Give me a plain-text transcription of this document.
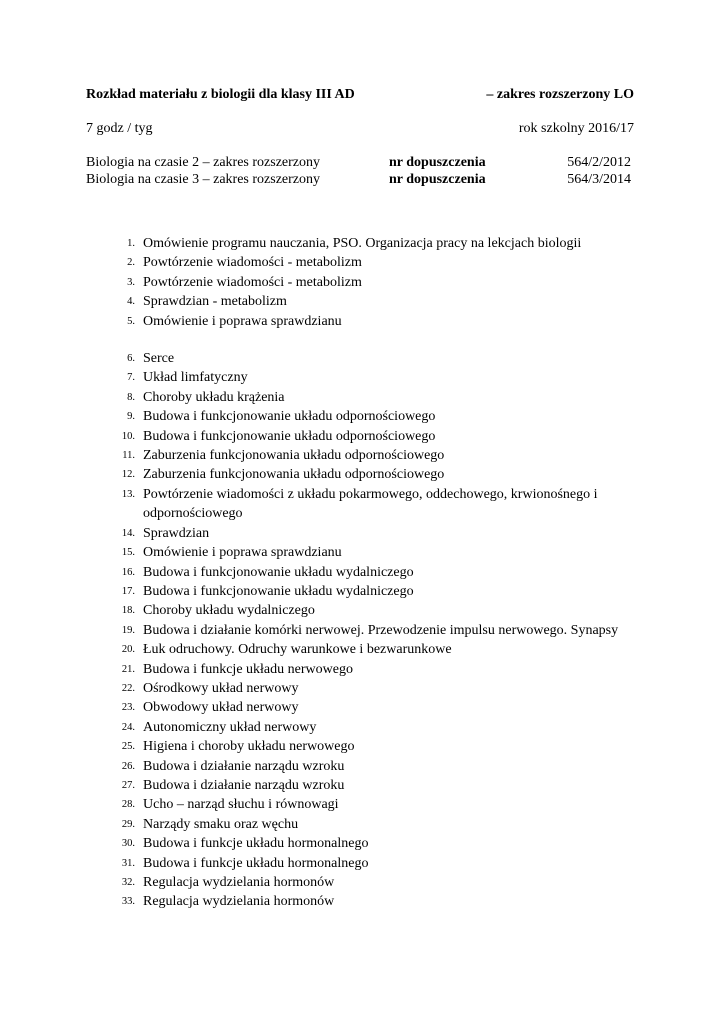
Rozkład materiału z biologii dla klasy III AD	– zakres rozszerzony LO
7 godz / tyg	rok szkolny 2016/17
Biologia na czasie 2 – zakres rozszerzony	nr dopuszczenia	564/2/2012
Biologia na czasie 3 – zakres rozszerzony	nr dopuszczenia	564/3/2014
1. Omówienie programu nauczania, PSO. Organizacja pracy na lekcjach biologii
2. Powtórzenie wiadomości - metabolizm
3. Powtórzenie wiadomości - metabolizm
4. Sprawdzian - metabolizm
5. Omówienie i poprawa sprawdzianu
6. Serce
7. Układ limfatyczny
8. Choroby układu krążenia
9. Budowa i funkcjonowanie układu odpornościowego
10. Budowa i funkcjonowanie układu odpornościowego
11. Zaburzenia funkcjonowania układu odpornościowego
12. Zaburzenia funkcjonowania układu odpornościowego
13. Powtórzenie wiadomości z układu pokarmowego, oddechowego, krwionośnego i odpornościowego
14. Sprawdzian
15. Omówienie i poprawa sprawdzianu
16. Budowa i funkcjonowanie układu wydalniczego
17. Budowa i funkcjonowanie układu wydalniczego
18. Choroby układu wydalniczego
19. Budowa i działanie komórki nerwowej. Przewodzenie impulsu nerwowego. Synapsy
20. Łuk odruchowy. Odruchy warunkowe i bezwarunkowe
21. Budowa i funkcje układu nerwowego
22. Ośrodkowy układ nerwowy
23. Obwodowy układ nerwowy
24. Autonomiczny układ nerwowy
25. Higiena i choroby układu nerwowego
26. Budowa i działanie narządu wzroku
27. Budowa i działanie narządu wzroku
28. Ucho – narząd słuchu i równowagi
29. Narządy smaku oraz węchu
30. Budowa i funkcje układu hormonalnego
31. Budowa i funkcje układu hormonalnego
32. Regulacja wydzielania hormonów
33. Regulacja wydzielania hormonów
